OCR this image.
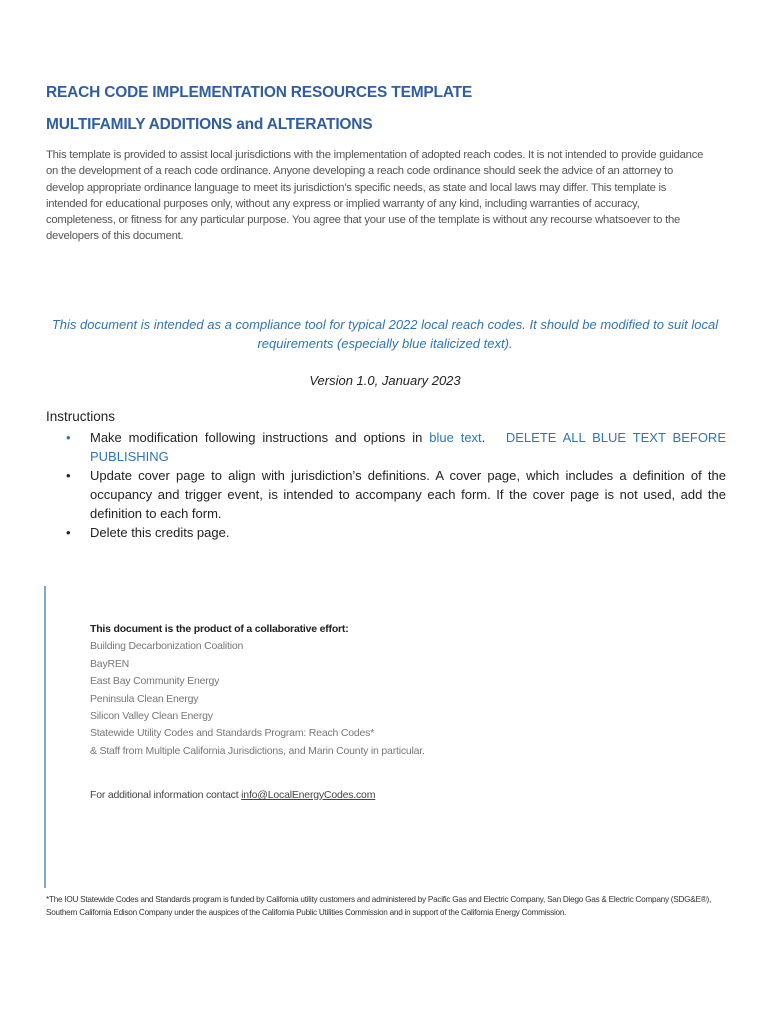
REACH CODE IMPLEMENTATION RESOURCES TEMPLATE
MULTIFAMILY ADDITIONS and ALTERATIONS
This template is provided to assist local jurisdictions with the implementation of adopted reach codes. It is not intended to provide guidance on the development of a reach code ordinance. Anyone developing a reach code ordinance should seek the advice of an attorney to develop appropriate ordinance language to meet its jurisdiction’s specific needs, as state and local laws may differ. This template is intended for educational purposes only, without any express or implied warranty of any kind, including warranties of accuracy, completeness, or fitness for any particular purpose. You agree that your use of the template is without any recourse whatsoever to the developers of this document.
This document is intended as a compliance tool for typical 2022 local reach codes. It should be modified to suit local requirements (especially blue italicized text).
Version 1.0, January 2023
Instructions
• Make modification following instructions and options in blue text.   DELETE ALL BLUE TEXT BEFORE PUBLISHING
• Update cover page to align with jurisdiction’s definitions. A cover page, which includes a definition of the occupancy and trigger event, is intended to accompany each form. If the cover page is not used, add the definition to each form.
• Delete this credits page.
This document is the product of a collaborative effort:
Building Decarbonization Coalition
BayREN
East Bay Community Energy
Peninsula Clean Energy
Silicon Valley Clean Energy
Statewide Utility Codes and Standards Program: Reach Codes*
& Staff from Multiple California Jurisdictions, and Marin County in particular.
For additional information contact info@LocalEnergyCodes.com
*The IOU Statewide Codes and Standards program is funded by California utility customers and administered by Pacific Gas and Electric Company, San Diego Gas & Electric Company (SDG&E®), Southern California Edison Company under the auspices of the California Public Utilities Commission and in support of the California Energy Commission.
